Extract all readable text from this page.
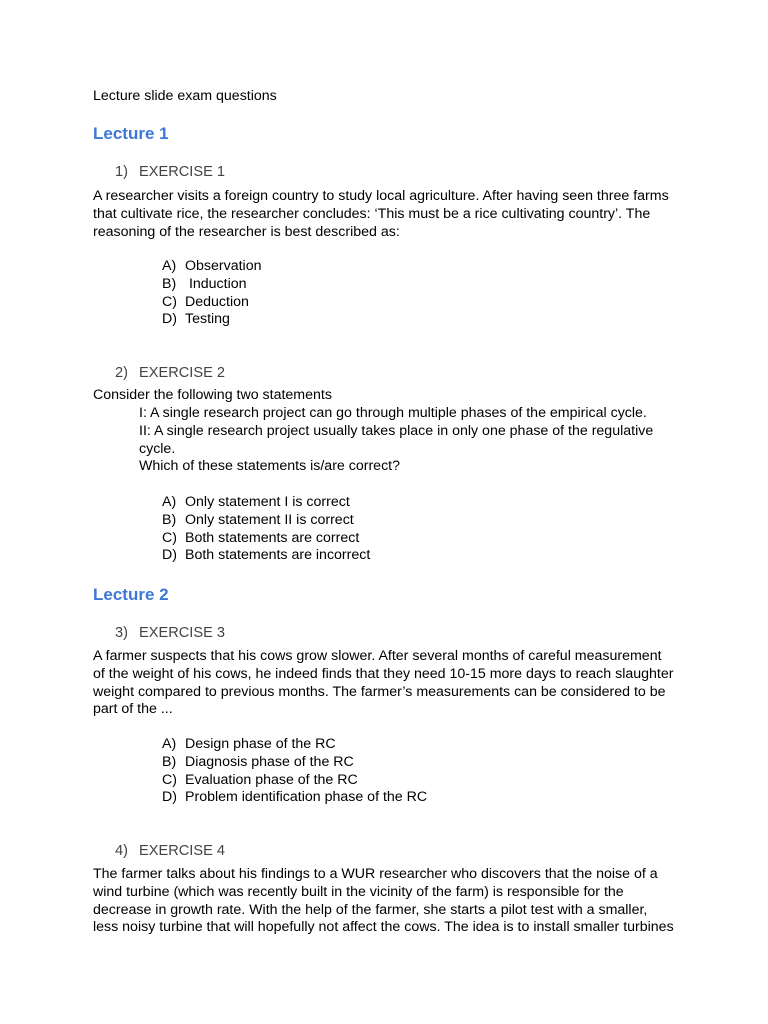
Lecture slide exam questions
Lecture 1
1) EXERCISE 1
A researcher visits a foreign country to study local agriculture. After having seen three farms
that cultivate rice, the researcher concludes: ‘This must be a rice cultivating country’. The
reasoning of the researcher is best described as:
A) Observation
B) Induction
C) Deduction
D) Testing
2) EXERCISE 2
Consider the following two statements
I: A single research project can go through multiple phases of the empirical cycle.
II: A single research project usually takes place in only one phase of the regulative
cycle.
Which of these statements is/are correct?
A) Only statement I is correct
B) Only statement II is correct
C) Both statements are correct
D) Both statements are incorrect
Lecture 2
3) EXERCISE 3
A farmer suspects that his cows grow slower. After several months of careful measurement
of the weight of his cows, he indeed finds that they need 10-15 more days to reach slaughter
weight compared to previous months. The farmer’s measurements can be considered to be
part of the ...
A) Design phase of the RC
B) Diagnosis phase of the RC
C) Evaluation phase of the RC
D) Problem identification phase of the RC
4) EXERCISE 4
The farmer talks about his findings to a WUR researcher who discovers that the noise of a
wind turbine (which was recently built in the vicinity of the farm) is responsible for the
decrease in growth rate. With the help of the farmer, she starts a pilot test with a smaller,
less noisy turbine that will hopefully not affect the cows. The idea is to install smaller turbines
